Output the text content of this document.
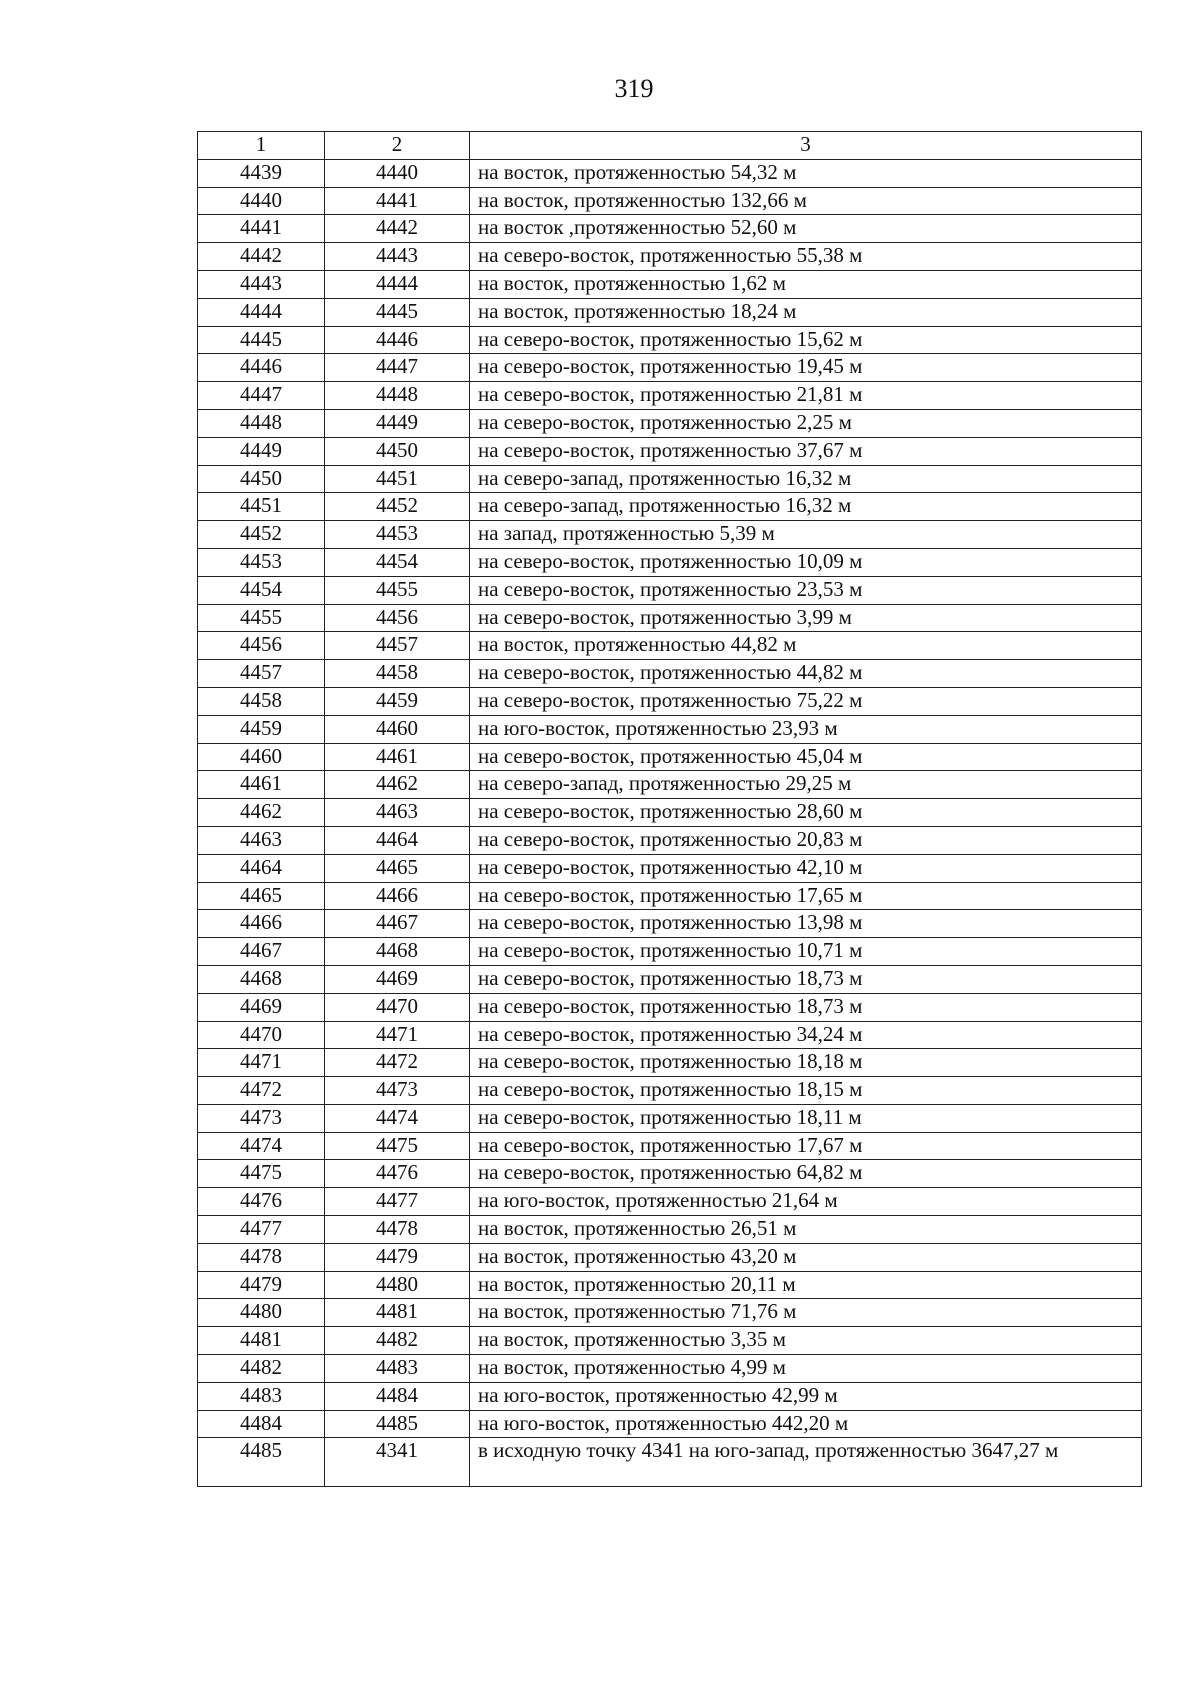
319
1	2	3
4439	4440	на восток, протяженностью 54,32 м
4440	4441	на восток, протяженностью 132,66 м
4441	4442	на восток ,протяженностью 52,60 м
4442	4443	на северо-восток, протяженностью 55,38 м
4443	4444	на восток, протяженностью 1,62 м
4444	4445	на восток, протяженностью 18,24 м
4445	4446	на северо-восток, протяженностью 15,62 м
4446	4447	на северо-восток, протяженностью 19,45 м
4447	4448	на северо-восток, протяженностью 21,81 м
4448	4449	на северо-восток, протяженностью 2,25 м
4449	4450	на северо-восток, протяженностью 37,67 м
4450	4451	на северо-запад, протяженностью 16,32 м
4451	4452	на северо-запад, протяженностью 16,32 м
4452	4453	на запад, протяженностью 5,39 м
4453	4454	на северо-восток, протяженностью 10,09 м
4454	4455	на северо-восток, протяженностью 23,53 м
4455	4456	на северо-восток, протяженностью 3,99 м
4456	4457	на восток, протяженностью 44,82 м
4457	4458	на северо-восток, протяженностью 44,82 м
4458	4459	на северо-восток, протяженностью 75,22 м
4459	4460	на юго-восток, протяженностью 23,93 м
4460	4461	на северо-восток, протяженностью 45,04 м
4461	4462	на северо-запад, протяженностью 29,25 м
4462	4463	на северо-восток, протяженностью 28,60 м
4463	4464	на северо-восток, протяженностью 20,83 м
4464	4465	на северо-восток, протяженностью 42,10 м
4465	4466	на северо-восток, протяженностью 17,65 м
4466	4467	на северо-восток, протяженностью 13,98 м
4467	4468	на северо-восток, протяженностью 10,71 м
4468	4469	на северо-восток, протяженностью 18,73 м
4469	4470	на северо-восток, протяженностью 18,73 м
4470	4471	на северо-восток, протяженностью 34,24 м
4471	4472	на северо-восток, протяженностью 18,18 м
4472	4473	на северо-восток, протяженностью 18,15 м
4473	4474	на северо-восток, протяженностью 18,11 м
4474	4475	на северо-восток, протяженностью 17,67 м
4475	4476	на северо-восток, протяженностью 64,82 м
4476	4477	на юго-восток, протяженностью 21,64 м
4477	4478	на восток, протяженностью 26,51 м
4478	4479	на восток, протяженностью 43,20 м
4479	4480	на восток, протяженностью 20,11 м
4480	4481	на восток, протяженностью 71,76 м
4481	4482	на восток, протяженностью 3,35 м
4482	4483	на восток, протяженностью 4,99 м
4483	4484	на юго-восток, протяженностью 42,99 м
4484	4485	на юго-восток, протяженностью 442,20 м
4485	4341	в исходную точку 4341 на юго-запад, протяженностью 3647,27 м
